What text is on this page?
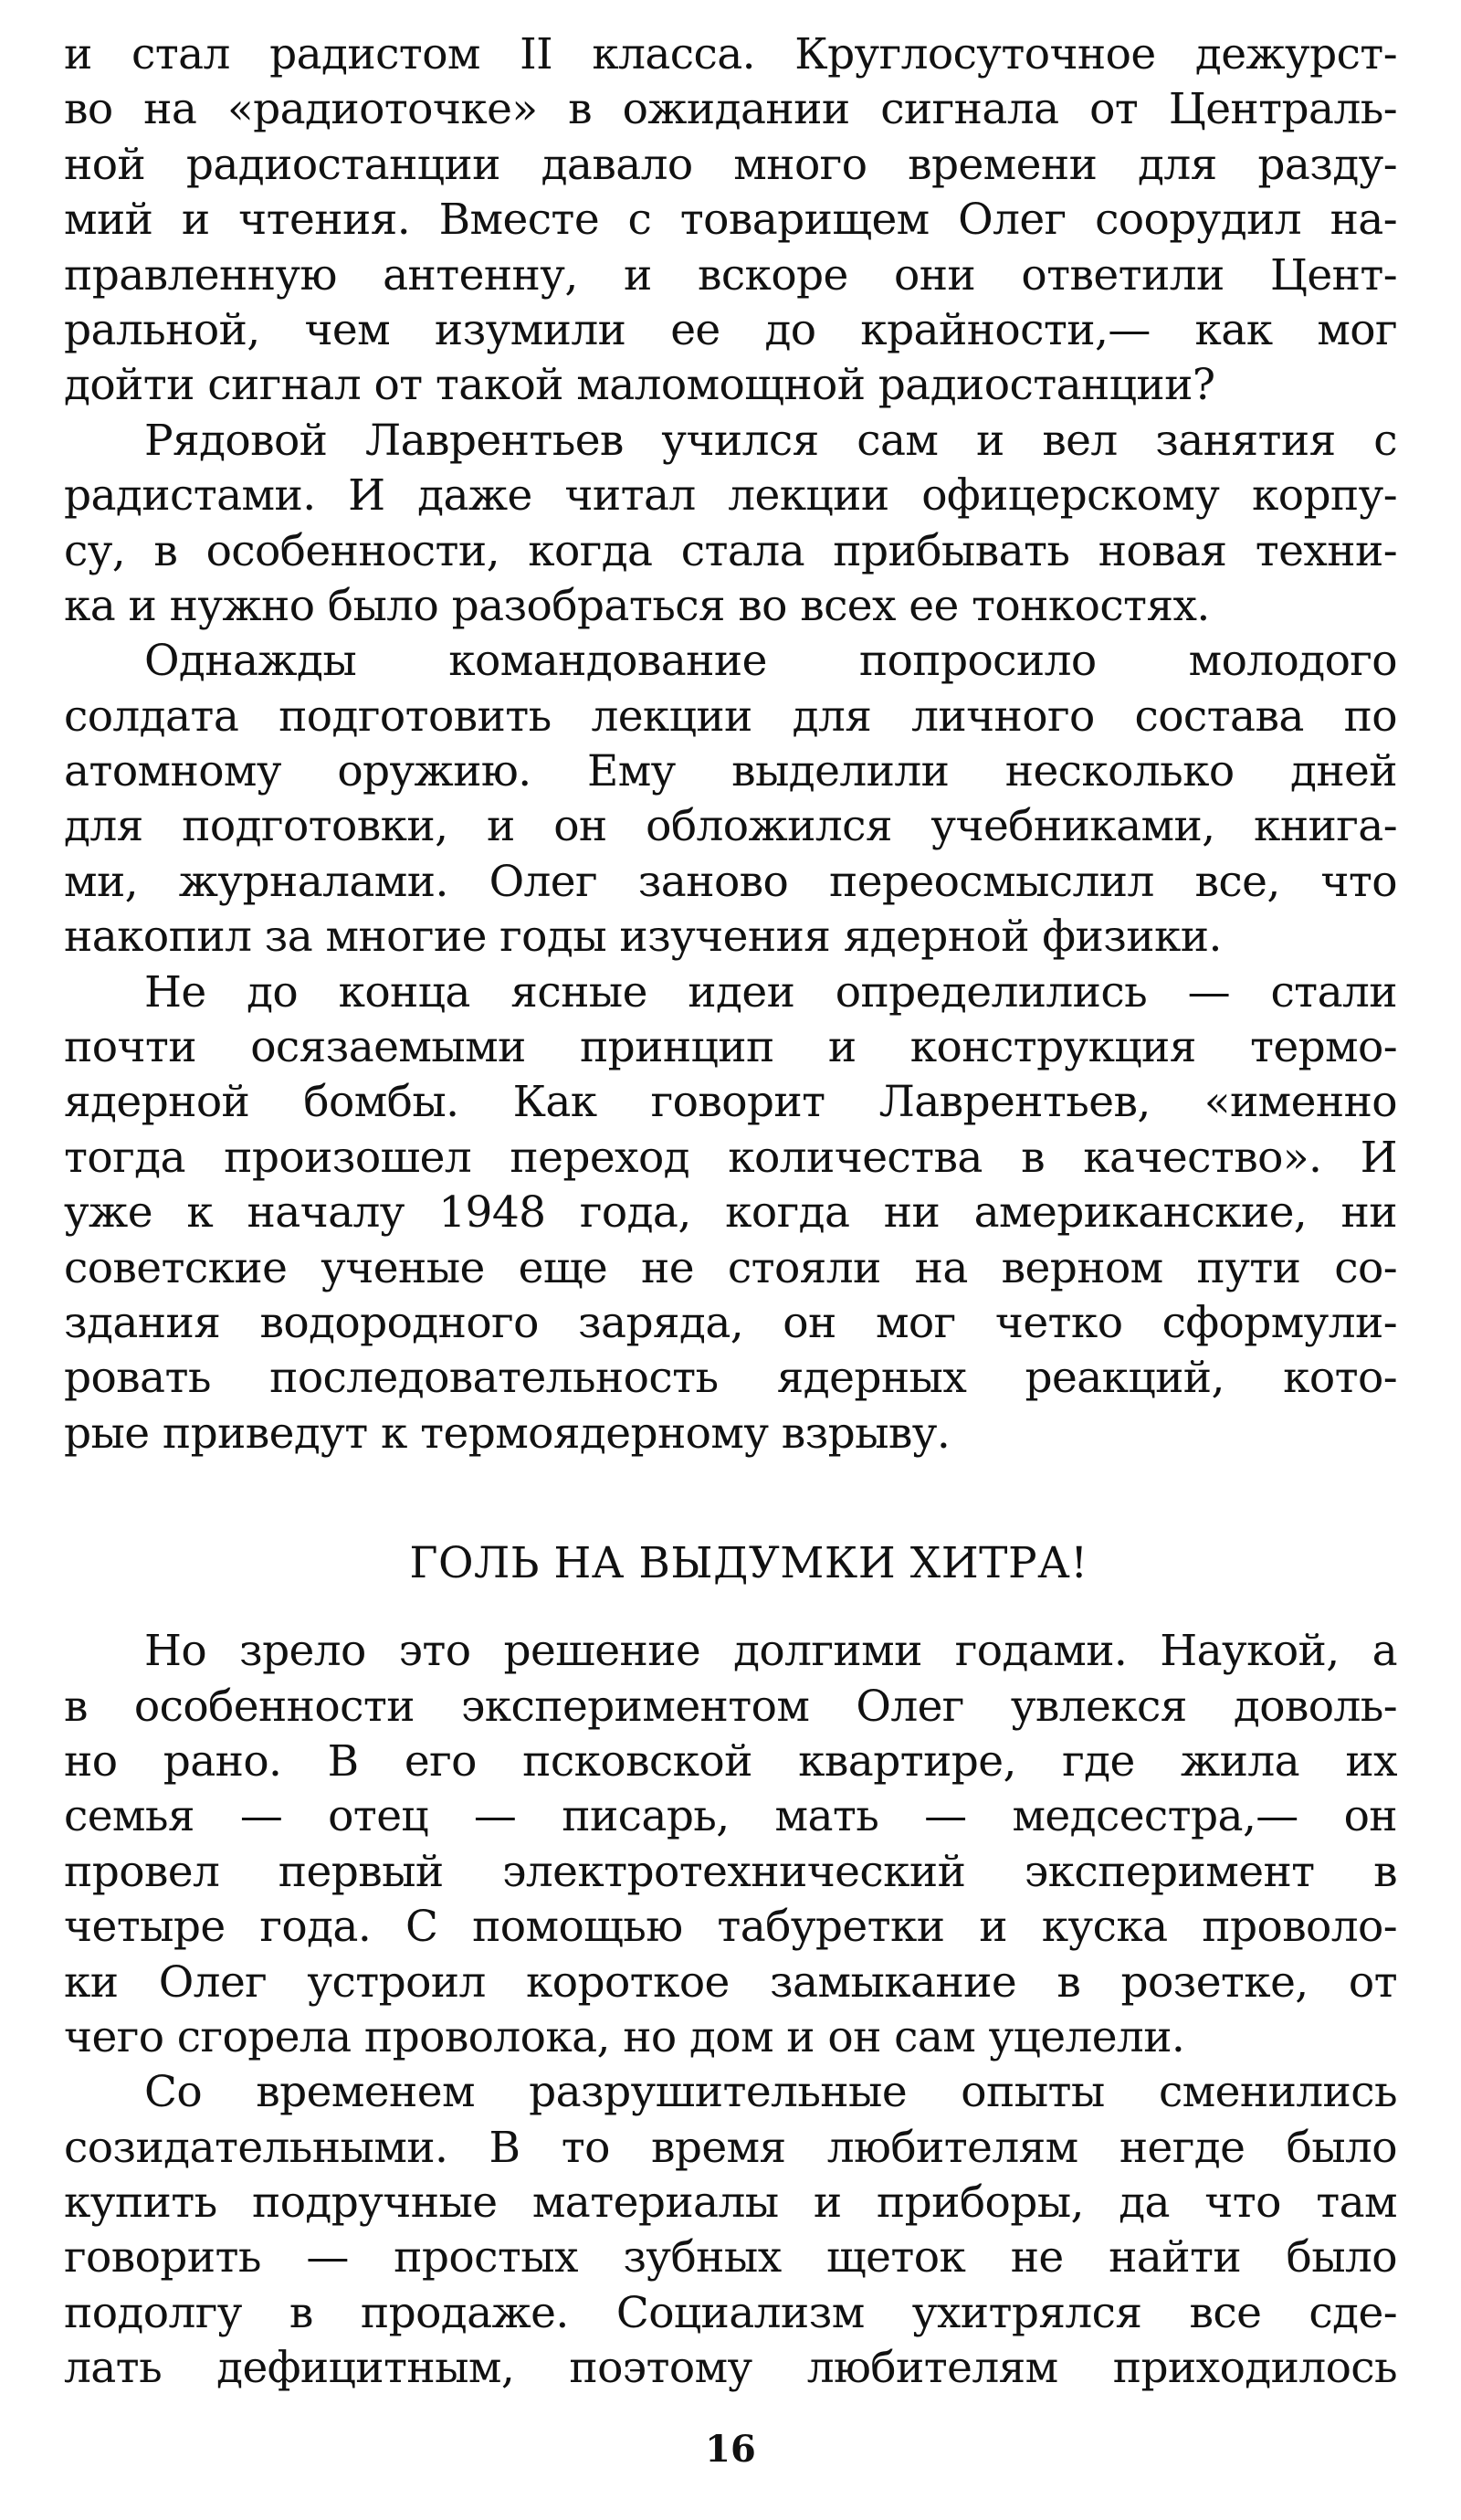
и стал радистом II класса. Круглосуточное дежурст-
во на «радиоточке» в ожидании сигнала от Централь-
ной радиостанции давало много времени для разду-
мий и чтения. Вместе с товарищем Олег соорудил на-
правленную антенну, и вскоре они ответили Цент-
ральной, чем изумили ее до крайности,— как мог
дойти сигнал от такой маломощной радиостанции?
Рядовой Лаврентьев учился сам и вел занятия с
радистами. И даже читал лекции офицерскому корпу-
су, в особенности, когда стала прибывать новая техни-
ка и нужно было разобраться во всех ее тонкостях.
Однажды командование попросило молодого
солдата подготовить лекции для личного состава по
атомному оружию. Ему выделили несколько дней
для подготовки, и он обложился учебниками, книга-
ми, журналами. Олег заново переосмыслил все, что
накопил за многие годы изучения ядерной физики.
Не до конца ясные идеи определились — стали
почти осязаемыми принцип и конструкция термо-
ядерной бомбы. Как говорит Лаврентьев, «именно
тогда произошел переход количества в качество». И
уже к началу 1948 года, когда ни американские, ни
советские ученые еще не стояли на верном пути со-
здания водородного заряда, он мог четко сформули-
ровать последовательность ядерных реакций, кото-
рые приведут к термоядерному взрыву.
ГОЛЬ НА ВЫДУМКИ ХИТРА!
Но зрело это решение долгими годами. Наукой, а
в особенности экспериментом Олег увлекся доволь-
но рано. В его псковской квартире, где жила их
семья — отец — писарь, мать — медсестра,— он
провел первый электротехнический эксперимент в
четыре года. С помощью табуретки и куска проволо-
ки Олег устроил короткое замыкание в розетке, от
чего сгорела проволока, но дом и он сам уцелели.
Со временем разрушительные опыты сменились
созидательными. В то время любителям негде было
купить подручные материалы и приборы, да что там
говорить — простых зубных щеток не найти было
подолгу в продаже. Социализм ухитрялся все сде-
лать дефицитным, поэтому любителям приходилось
16
